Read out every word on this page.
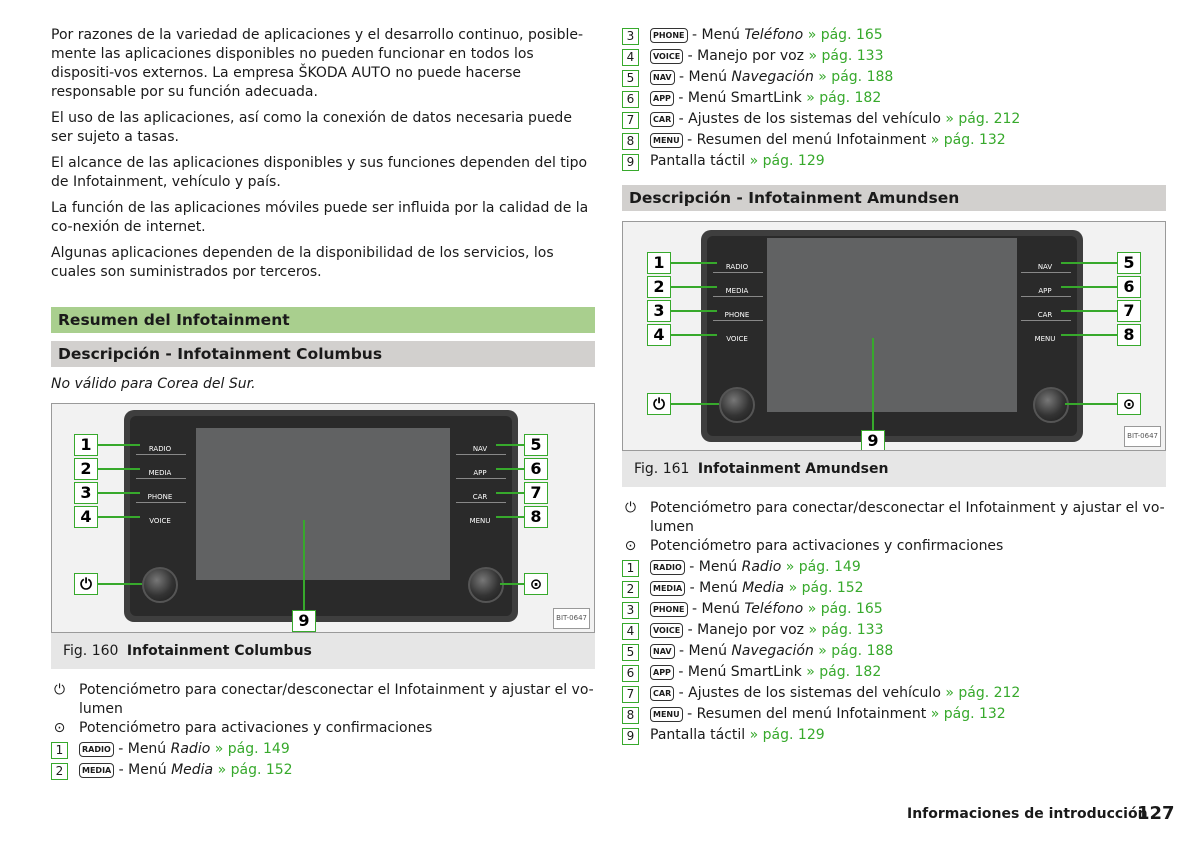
Por razones de la variedad de aplicaciones y el desarrollo continuo, posible-mente las aplicaciones disponibles no pueden funcionar en todos los dispositi-vos externos. La empresa ŠKODA AUTO no puede hacerse responsable por su función adecuada.

El uso de las aplicaciones, así como la conexión de datos necesaria puede ser sujeto a tasas.

El alcance de las aplicaciones disponibles y sus funciones dependen del tipo de Infotainment, vehículo y país.

La función de las aplicaciones móviles puede ser influida por la calidad de la co-nexión de internet.

Algunas aplicaciones dependen de la disponibilidad de los servicios, los cuales son suministrados por terceros.

Resumen del Infotainment
Descripción - Infotainment Columbus
No válido para Corea del Sur.
RADIO
1
MEDIA
2
PHONE
3
VOICE
4
NAV	5
APP	6
CAR	7
MENU	8
⏻	⊙
9	BIT-0647
Fig. 160 Infotainment Columbus
⏻ Potenciómetro para conectar/desconectar el Infotainment y ajustar el vo-lumen
⊙ Potenciómetro para activaciones y confirmaciones
1	RADIO - Menú Radio » pág. 149
2	MEDIA - Menú Media » pág. 152
3	PHONE - Menú Teléfono » pág. 165
4	VOICE - Manejo por voz » pág. 133
5	NAV - Menú Navegación » pág. 188
6	APP - Menú SmartLink » pág. 182
7	CAR - Ajustes de los sistemas del vehículo » pág. 212
8	MENU - Resumen del menú Infotainment » pág. 132
9	Pantalla táctil » pág. 129
Descripción - Infotainment Amundsen
RADIO
1
MEDIA
2
PHONE
3
VOICE
4
NAV	5
APP	6
CAR	7
MENU	8
⏻	⊙
9	BIT-0647
Fig. 161 Infotainment Amundsen
⏻ Potenciómetro para conectar/desconectar el Infotainment y ajustar el vo-lumen
⊙ Potenciómetro para activaciones y confirmaciones
1	RADIO - Menú Radio » pág. 149
2	MEDIA - Menú Media » pág. 152
3	PHONE - Menú Teléfono » pág. 165
4	VOICE - Manejo por voz » pág. 133
5	NAV - Menú Navegación » pág. 188
6	APP - Menú SmartLink » pág. 182
7	CAR - Ajustes de los sistemas del vehículo » pág. 212
8	MENU - Resumen del menú Infotainment » pág. 132
9	Pantalla táctil » pág. 129
Informaciones de introducción
127
